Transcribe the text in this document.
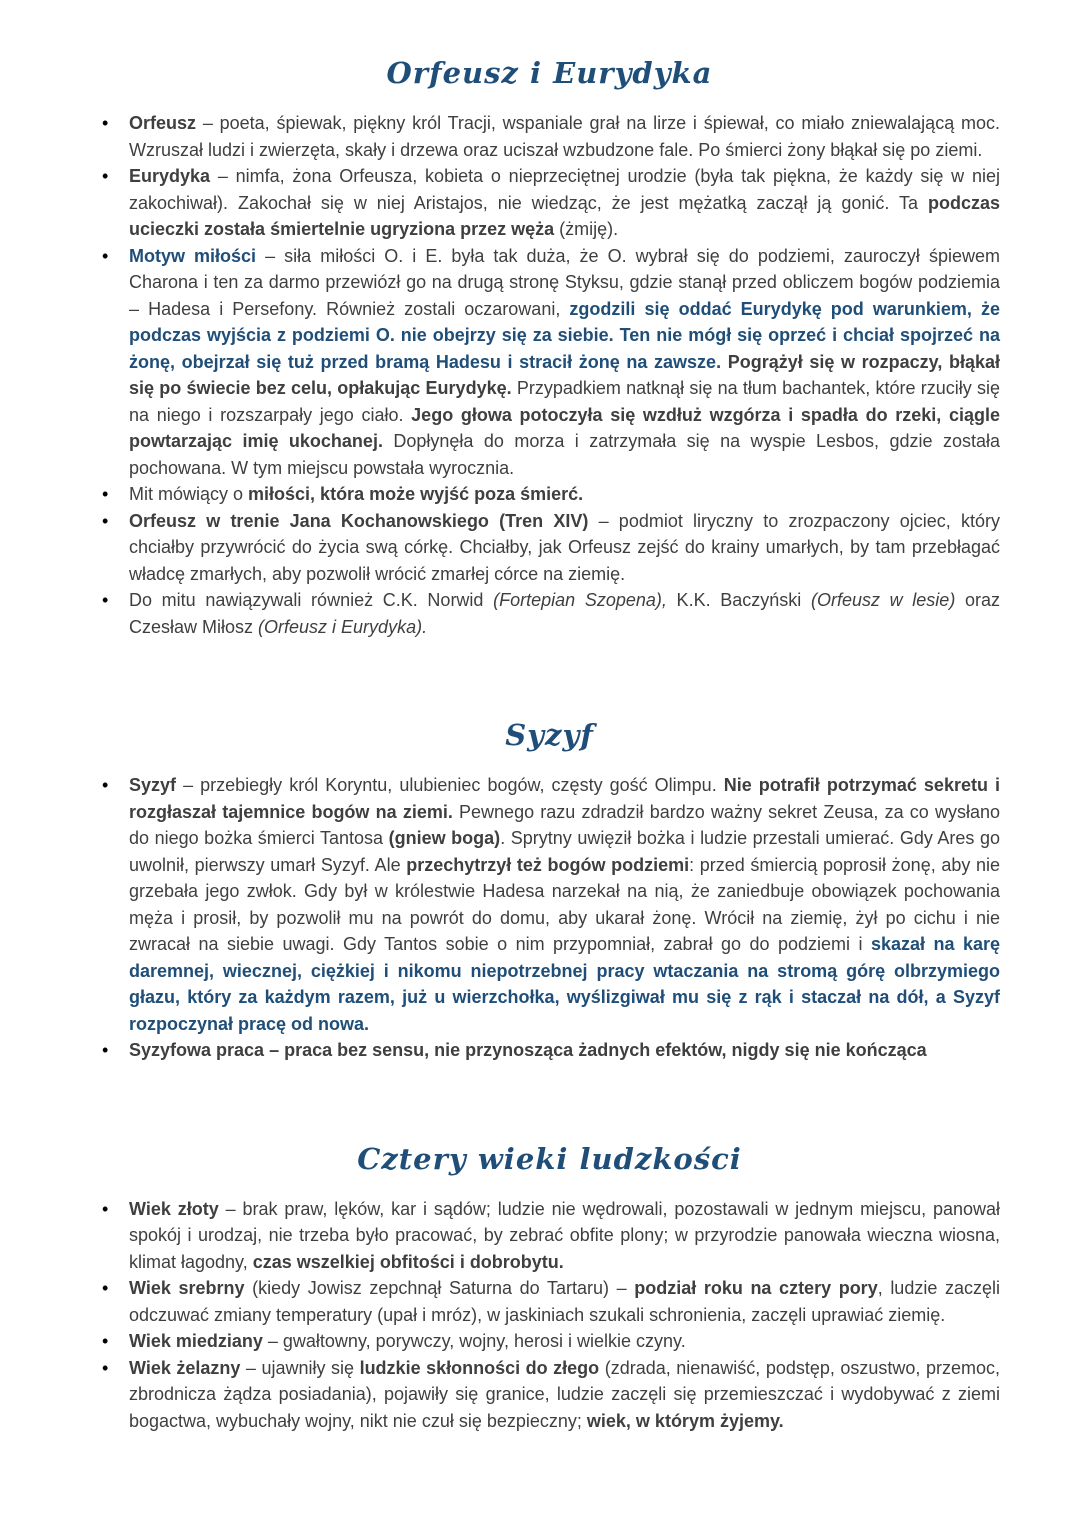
Orfeusz i Eurydyka
• Orfeusz – poeta, śpiewak, piękny król Tracji, wspaniale grał na lirze i śpiewał, co miało zniewalającą moc. Wzruszał ludzi i zwierzęta, skały i drzewa oraz uciszał wzbudzone fale. Po śmierci żony błąkał się po ziemi.
• Eurydyka – nimfa, żona Orfeusza, kobieta o nieprzeciętnej urodzie (była tak piękna, że każdy się w niej zakochiwał). Zakochał się w niej Aristajos, nie wiedząc, że jest mężatką zaczął ją gonić. Ta podczas ucieczki została śmiertelnie ugryziona przez węża (żmiję).
• Motyw miłości – siła miłości O. i E. była tak duża, że O. wybrał się do podziemi, zauroczył śpiewem Charona i ten za darmo przewiózł go na drugą stronę Styksu, gdzie stanął przed obliczem bogów podziemia – Hadesa i Persefony. Również zostali oczarowani, zgodzili się oddać Eurydykę pod warunkiem, że podczas wyjścia z podziemi O. nie obejrzy się za siebie. Ten nie mógł się oprzeć i chciał spojrzeć na żonę, obejrzał się tuż przed bramą Hadesu i stracił żonę na zawsze. Pogrążył się w rozpaczy, błąkał się po świecie bez celu, opłakując Eurydykę. Przypadkiem natknął się na tłum bachantek, które rzuciły się na niego i rozszarpały jego ciało. Jego głowa potoczyła się wzdłuż wzgórza i spadła do rzeki, ciągle powtarzając imię ukochanej. Dopłynęła do morza i zatrzymała się na wyspie Lesbos, gdzie została pochowana. W tym miejscu powstała wyrocznia.
• Mit mówiący o miłości, która może wyjść poza śmierć.
• Orfeusz w trenie Jana Kochanowskiego (Tren XIV) – podmiot liryczny to zrozpaczony ojciec, który chciałby przywrócić do życia swą córkę. Chciałby, jak Orfeusz zejść do krainy umarłych, by tam przebłagać władcę zmarłych, aby pozwolił wrócić zmarłej córce na ziemię.
• Do mitu nawiązywali również C.K. Norwid (Fortepian Szopena), K.K. Baczyński (Orfeusz w lesie) oraz Czesław Miłosz (Orfeusz i Eurydyka).
Syzyf
• Syzyf – przebiegły król Koryntu, ulubieniec bogów, częsty gość Olimpu. Nie potrafił potrzymać sekretu i rozgłaszał tajemnice bogów na ziemi. Pewnego razu zdradził bardzo ważny sekret Zeusa, za co wysłano do niego bożka śmierci Tantosa (gniew boga). Sprytny uwięził bożka i ludzie przestali umierać. Gdy Ares go uwolnił, pierwszy umarł Syzyf. Ale przechytrzył też bogów podziemi: przed śmiercią poprosił żonę, aby nie grzebała jego zwłok. Gdy był w królestwie Hadesa narzekał na nią, że zaniedbuje obowiązek pochowania męża i prosił, by pozwolił mu na powrót do domu, aby ukarał żonę. Wrócił na ziemię, żył po cichu i nie zwracał na siebie uwagi. Gdy Tantos sobie o nim przypomniał, zabrał go do podziemi i skazał na karę daremnej, wiecznej, ciężkiej i nikomu niepotrzebnej pracy wtaczania na stromą górę olbrzymiego głazu, który za każdym razem, już u wierzchołka, wyślizgiwał mu się z rąk i staczał na dół, a Syzyf rozpoczynał pracę od nowa.
• Syzyfowa praca – praca bez sensu, nie przynosząca żadnych efektów, nigdy się nie kończąca
Cztery wieki ludzkości
• Wiek złoty – brak praw, lęków, kar i sądów; ludzie nie wędrowali, pozostawali w jednym miejscu, panował spokój i urodzaj, nie trzeba było pracować, by zebrać obfite plony; w przyrodzie panowała wieczna wiosna, klimat łagodny, czas wszelkiej obfitości i dobrobytu.
• Wiek srebrny (kiedy Jowisz zepchnął Saturna do Tartaru) – podział roku na cztery pory, ludzie zaczęli odczuwać zmiany temperatury (upał i mróz), w jaskiniach szukali schronienia, zaczęli uprawiać ziemię.
• Wiek miedziany – gwałtowny, porywczy, wojny, herosi i wielkie czyny.
• Wiek żelazny – ujawniły się ludzkie skłonności do złego (zdrada, nienawiść, podstęp, oszustwo, przemoc, zbrodnicza żądza posiadania), pojawiły się granice, ludzie zaczęli się przemieszczać i wydobywać z ziemi bogactwa, wybuchały wojny, nikt nie czuł się bezpieczny; wiek, w którym żyjemy.
